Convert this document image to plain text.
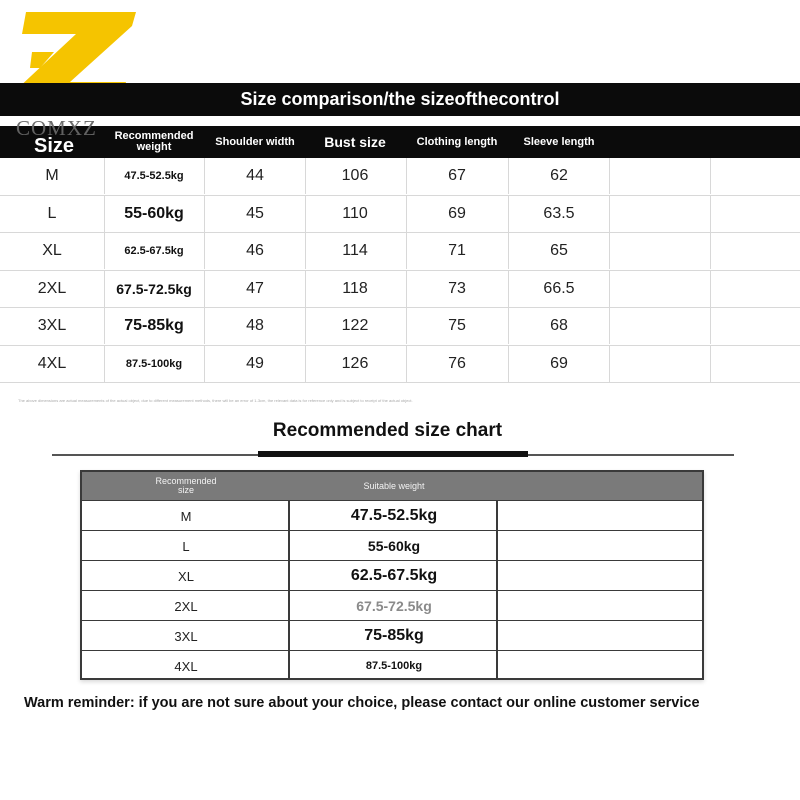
COMXZ
Size comparison/the sizeofthecontrol
Size	Recommended weight	Shoulder width	Bust size	Clothing length	Sleeve length
M	47.5-52.5kg	44	106	67	62
L	55-60kg	45	110	69	63.5
XL	62.5-67.5kg	46	114	71	65
2XL	67.5-72.5kg	47	118	73	66.5
3XL	75-85kg	48	122	75	68
4XL	87.5-100kg	49	126	76	69
The above dimensions are actual measurements of the actual object, due to different measurement methods, there will be an error of 1-3cm, the relevant data is for reference only and is subject to receipt of the actual object.
Recommended size chart
Recommended size	Suitable weight
M	47.5-52.5kg
L	55-60kg
XL	62.5-67.5kg
2XL	67.5-72.5kg
3XL	75-85kg
4XL	87.5-100kg
Warm reminder: if you are not sure about your choice, please contact our online customer service
